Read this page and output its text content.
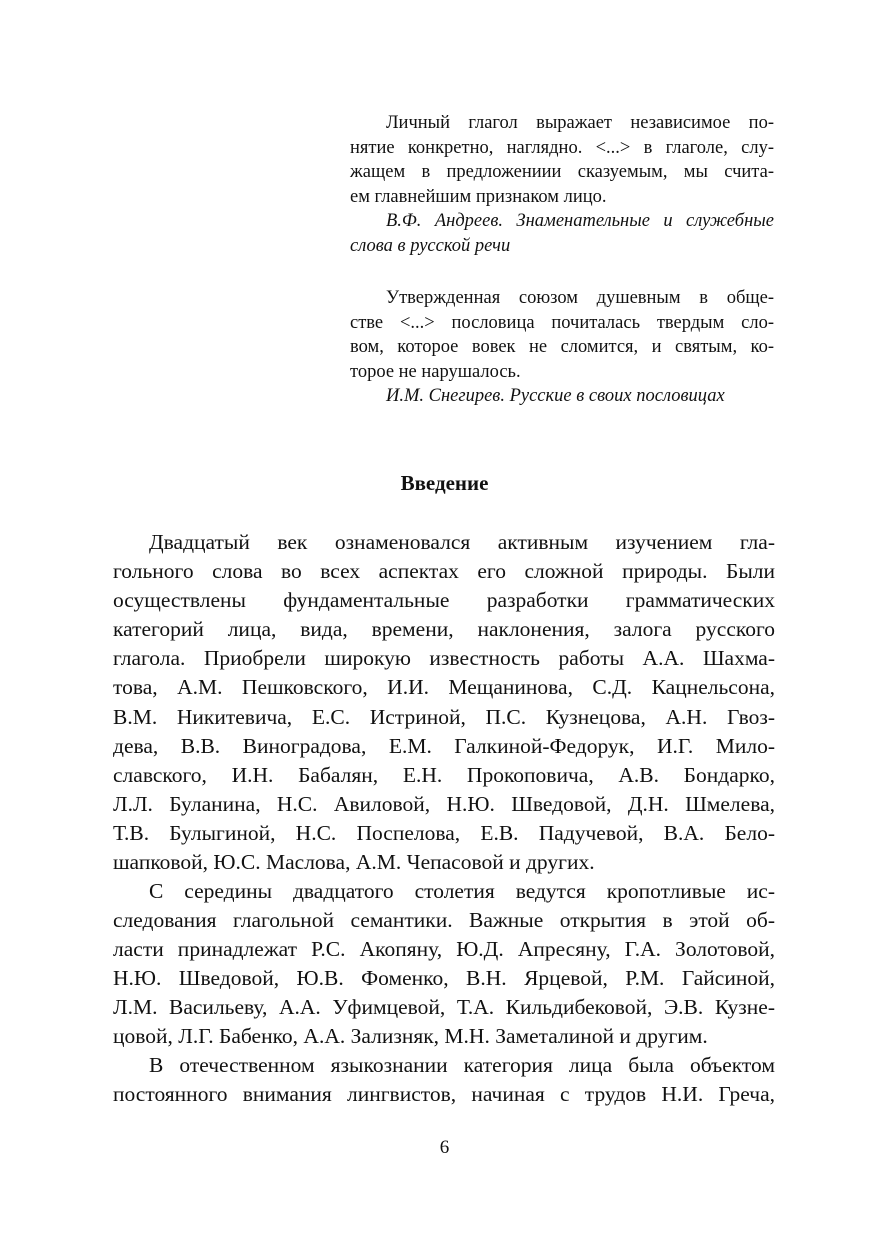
Личный глагол выражает независимое по-
нятие конкретно, наглядно. <...> в глаголе, слу-
жащем в предложениии сказуемым, мы счита-
ем главнейшим признаком лицо.
В.Ф. Андреев. Знаменательные и служебные
слова в русской речи
Утвержденная союзом душевным в обще-
стве <...> пословица почиталась твердым сло-
вом, которое вовек не сломится, и святым, ко-
торое не нарушалось.
И.М. Снегирев. Русские в своих пословицах
Введение
Двадцатый век ознаменовался активным изучением гла-
гольного слова во всех аспектах его сложной природы. Были
осуществлены фундаментальные разработки грамматических
категорий лица, вида, времени, наклонения, залога русского
глагола. Приобрели широкую известность работы А.А. Шахма-
това, А.М. Пешковского, И.И. Мещанинова, С.Д. Кацнельсона,
В.М. Никитевича, Е.С. Истриной, П.С. Кузнецова, А.Н. Гвоз-
дева, В.В. Виноградова, Е.М. Галкиной-Федорук, И.Г. Мило-
славского, И.Н. Бабалян, Е.Н. Прокоповича, А.В. Бондарко,
Л.Л. Буланина, Н.С. Авиловой, Н.Ю. Шведовой, Д.Н. Шмелева,
Т.В. Булыгиной, Н.С. Поспелова, Е.В. Падучевой, В.А. Бело-
шапковой, Ю.С. Маслова, А.М. Чепасовой и других.
С середины двадцатого столетия ведутся кропотливые ис-
следования глагольной семантики. Важные открытия в этой об-
ласти принадлежат Р.С. Акопяну, Ю.Д. Апресяну, Г.А. Золотовой,
Н.Ю. Шведовой, Ю.В. Фоменко, В.Н. Ярцевой, Р.М. Гайсиной,
Л.М. Васильеву, А.А. Уфимцевой, Т.А. Кильдибековой, Э.В. Кузне-
цовой, Л.Г. Бабенко, А.А. Зализняк, М.Н. Заметалиной и другим.
В отечественном языкознании категория лица была объектом
постоянного внимания лингвистов, начиная с трудов Н.И. Греча,
6
